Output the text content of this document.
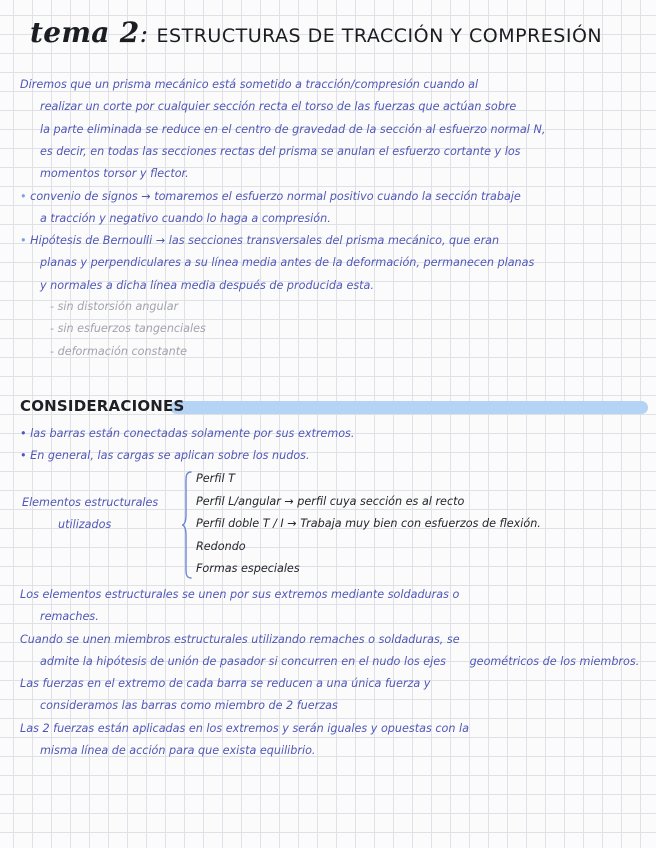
tema 2: ESTRUCTURAS DE TRACCIÓN Y COMPRESIÓN
Diremos que un prisma mecánico está sometido a tracción/compresión cuando al
realizar un corte por cualquier sección recta el torso de las fuerzas que actúan sobre la parte eliminada se reduce en el centro de gravedad de la sección al esfuerzo normal N, es decir, en todas las secciones rectas del prisma se anulan el esfuerzo cortante y los momentos torsor y flector.
• convenio de signos → tomaremos el esfuerzo normal positivo cuando la sección trabaje
a tracción y negativo cuando lo haga a compresión.
• Hipótesis de Bernoulli → las secciones transversales del prisma mecánico, que eran
planas y perpendiculares a su línea media antes de la deformación, permanecen planas y normales a dicha línea media después de producida esta.
- sin distorsión angular
- sin esfuerzos tangenciales
- deformación constante
CONSIDERACIONES
• las barras están conectadas solamente por sus extremos.
• En general, las cargas se aplican sobre los nudos.
Elementos estructurales
utilizados
Perfil T
Perfil L/angular → perfil cuya sección es al recto
Perfil doble T / I → Trabaja muy bien con esfuerzos de flexión.
Redondo
Formas especiales
Los elementos estructurales se unen por sus extremos mediante soldaduras o
remaches.
Cuando se unen miembros estructurales utilizando remaches o soldaduras, se
admite la hipótesis de unión de pasador si concurren en el nudo los ejes geométricos de los miembros.
Las fuerzas en el extremo de cada barra se reducen a una única fuerza y
consideramos las barras como miembro de 2 fuerzas
Las 2 fuerzas están aplicadas en los extremos y serán iguales y opuestas con la
misma línea de acción para que exista equilibrio.
